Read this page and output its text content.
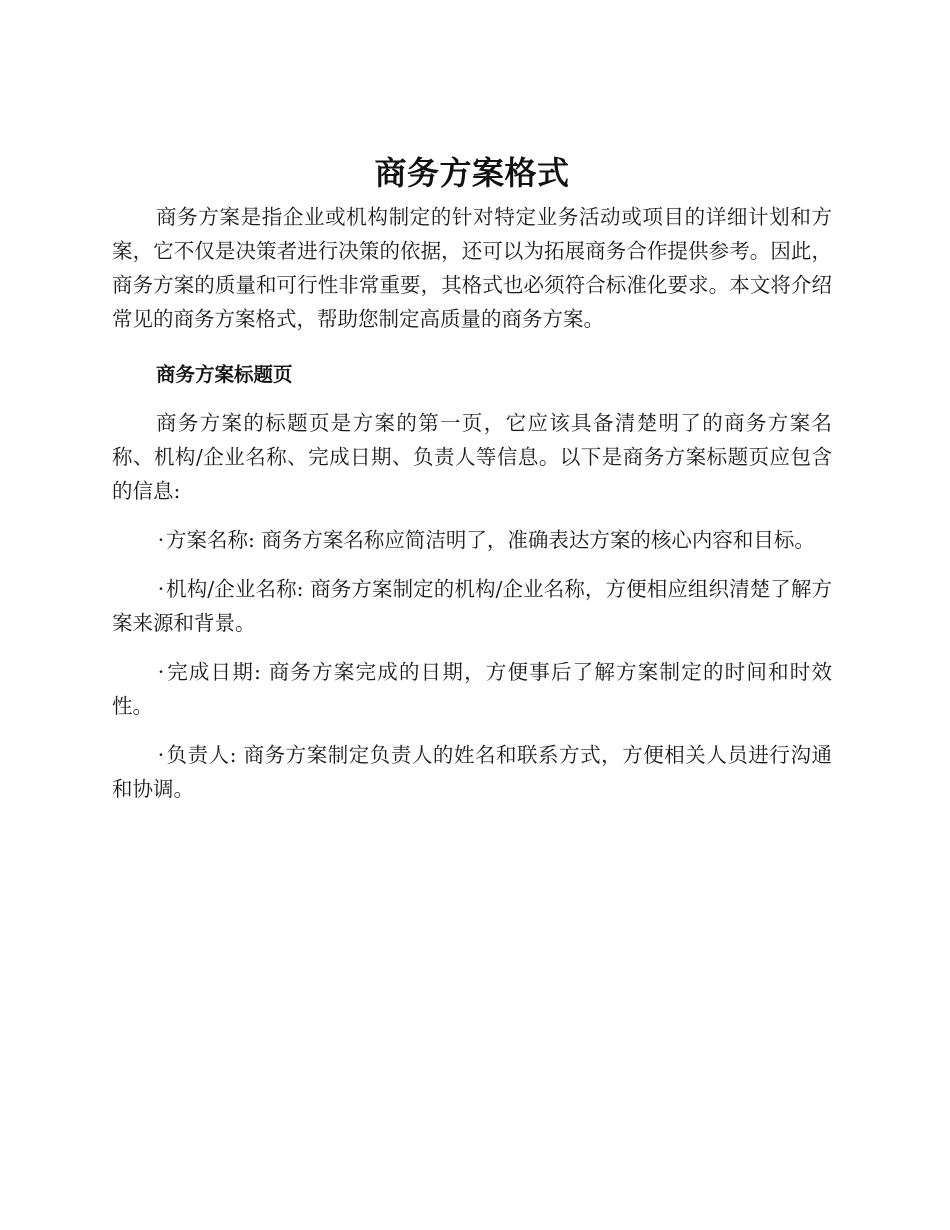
商务方案格式

商务方案是指企业或机构制定的针对特定业务活动或项目的详细计划和方案，它不仅是决策者进行决策的依据，还可以为拓展商务合作提供参考。因此，商务方案的质量和可行性非常重要，其格式也必须符合标准化要求。本文将介绍常见的商务方案格式，帮助您制定高质量的商务方案。

商务方案标题页

商务方案的标题页是方案的第一页，它应该具备清楚明了的商务方案名称、机构/企业名称、完成日期、负责人等信息。以下是商务方案标题页应包含的信息:

·方案名称: 商务方案名称应简洁明了，准确表达方案的核心内容和目标。

·机构/企业名称: 商务方案制定的机构/企业名称，方便相应组织清楚了解方案来源和背景。

·完成日期: 商务方案完成的日期，方便事后了解方案制定的时间和时效性。

·负责人: 商务方案制定负责人的姓名和联系方式，方便相关人员进行沟通和协调。
